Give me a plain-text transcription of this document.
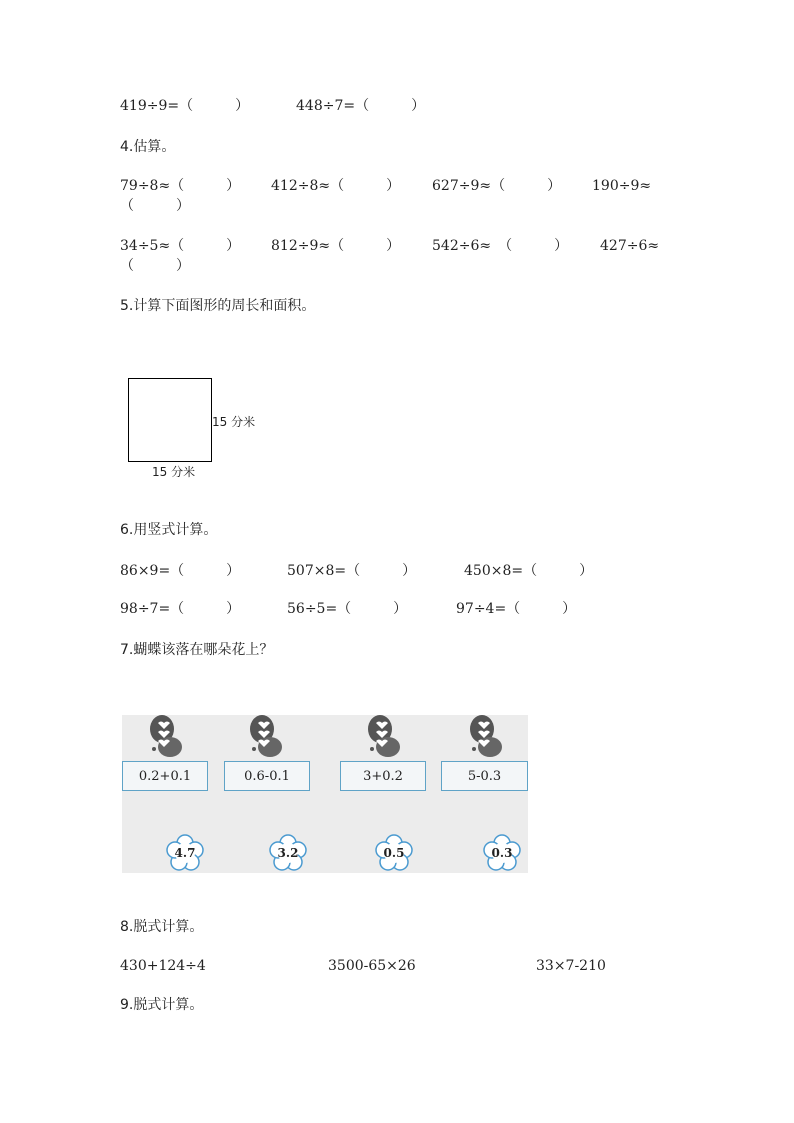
419÷9=（　　　）	448÷7=（　　　）
4.估算。
79÷8≈（　　　） 412÷8≈（　　　） 627÷9≈（　　　） 190÷9≈
（　　　）
34÷5≈（　　　） 812÷9≈（　　　） 542÷6≈　（　　　） 427÷6≈
（　　　）
5.计算下面图形的周长和面积。
15 分米
15 分米
6.用竖式计算。
86×9=（　　　）	507×8=（　　　）	450×8=（　　　）
98÷7=（　　　）	56÷5=（　　　）	97÷4=（　　　）
7.蝴蝶该落在哪朵花上？
0.2+0.1	0.6-0.1	3+0.2	5-0.3
4.7	3.2	0.5	0.3
8.脱式计算。
430+124÷4	3500-65×26	33×7-210
9.脱式计算。
